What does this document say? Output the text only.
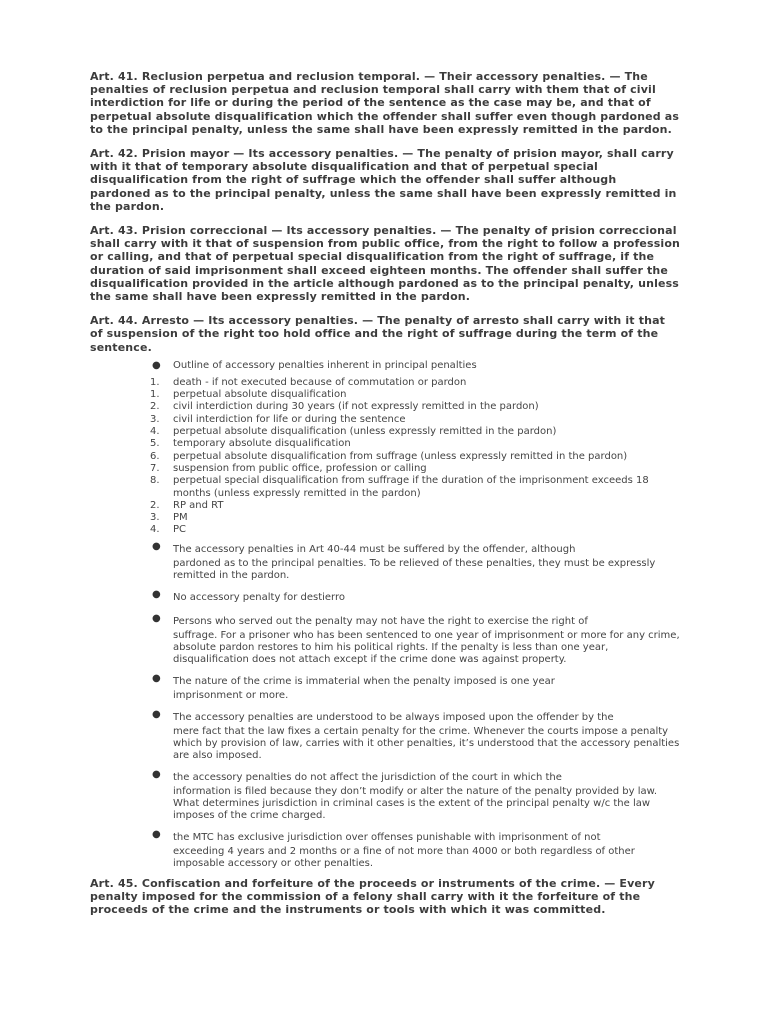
Art. 41. Reclusion perpetua and reclusion temporal. — Their accessory penalties. — The penalties of reclusion perpetua and reclusion temporal shall carry with them that of civil interdiction for life or during the period of the sentence as the case may be, and that of perpetual absolute disqualification which the offender shall suffer even though pardoned as to the principal penalty, unless the same shall have been expressly remitted in the pardon.

Art. 42. Prision mayor — Its accessory penalties. — The penalty of prision mayor, shall carry with it that of temporary absolute disqualification and that of perpetual special disqualification from the right of suffrage which the offender shall suffer although pardoned as to the principal penalty, unless the same shall have been expressly remitted in the pardon.

Art. 43. Prision correccional — Its accessory penalties. — The penalty of prision correccional shall carry with it that of suspension from public office, from the right to follow a profession or calling, and that of perpetual special disqualification from the right of suffrage, if the duration of said imprisonment shall exceed eighteen months. The offender shall suffer the disqualification provided in the article although pardoned as to the principal penalty, unless the same shall have been expressly remitted in the pardon.

Art. 44. Arresto — Its accessory penalties. — The penalty of arresto shall carry with it that of suspension of the right too hold office and the right of suffrage during the term of the sentence.

● Outline of accessory penalties inherent in principal penalties
1. death - if not executed because of commutation or pardon
1. perpetual absolute disqualification
2. civil interdiction during 30 years (if not expressly remitted in the pardon)
3. civil interdiction for life or during the sentence
4. perpetual absolute disqualification (unless expressly remitted in the pardon)
5. temporary absolute disqualification
6. perpetual absolute disqualification from suffrage (unless expressly remitted in the pardon)
7. suspension from public office, profession or calling
8. perpetual special disqualification from suffrage if the duration of the imprisonment exceeds 18 months (unless expressly remitted in the pardon)
2. RP and RT
3. PM
4. PC
● The accessory penalties in Art 40-44 must be suffered by the offender, although
pardoned as to the principal penalties. To be relieved of these penalties, they must be expressly remitted in the pardon.
● No accessory penalty for destierro
● Persons who served out the penalty may not have the right to exercise the right of
suffrage. For a prisoner who has been sentenced to one year of imprisonment or more for any crime, absolute pardon restores to him his political rights. If the penalty is less than one year, disqualification does not attach except if the crime done was against property.
● The nature of the crime is immaterial when the penalty imposed is one year
imprisonment or more.
● The accessory penalties are understood to be always imposed upon the offender by the
mere fact that the law fixes a certain penalty for the crime. Whenever the courts impose a penalty which by provision of law, carries with it other penalties, it’s understood that the accessory penalties are also imposed.
● the accessory penalties do not affect the jurisdiction of the court in which the
information is filed because they don’t modify or alter the nature of the penalty provided by law. What determines jurisdiction in criminal cases is the extent of the principal penalty w/c the law imposes of the crime charged.
● the MTC has exclusive jurisdiction over offenses punishable with imprisonment of not
exceeding 4 years and 2 months or a fine of not more than 4000 or both regardless of other imposable accessory or other penalties.

Art. 45. Confiscation and forfeiture of the proceeds or instruments of the crime. — Every penalty imposed for the commission of a felony shall carry with it the forfeiture of the proceeds of the crime and the instruments or tools with which it was committed.
